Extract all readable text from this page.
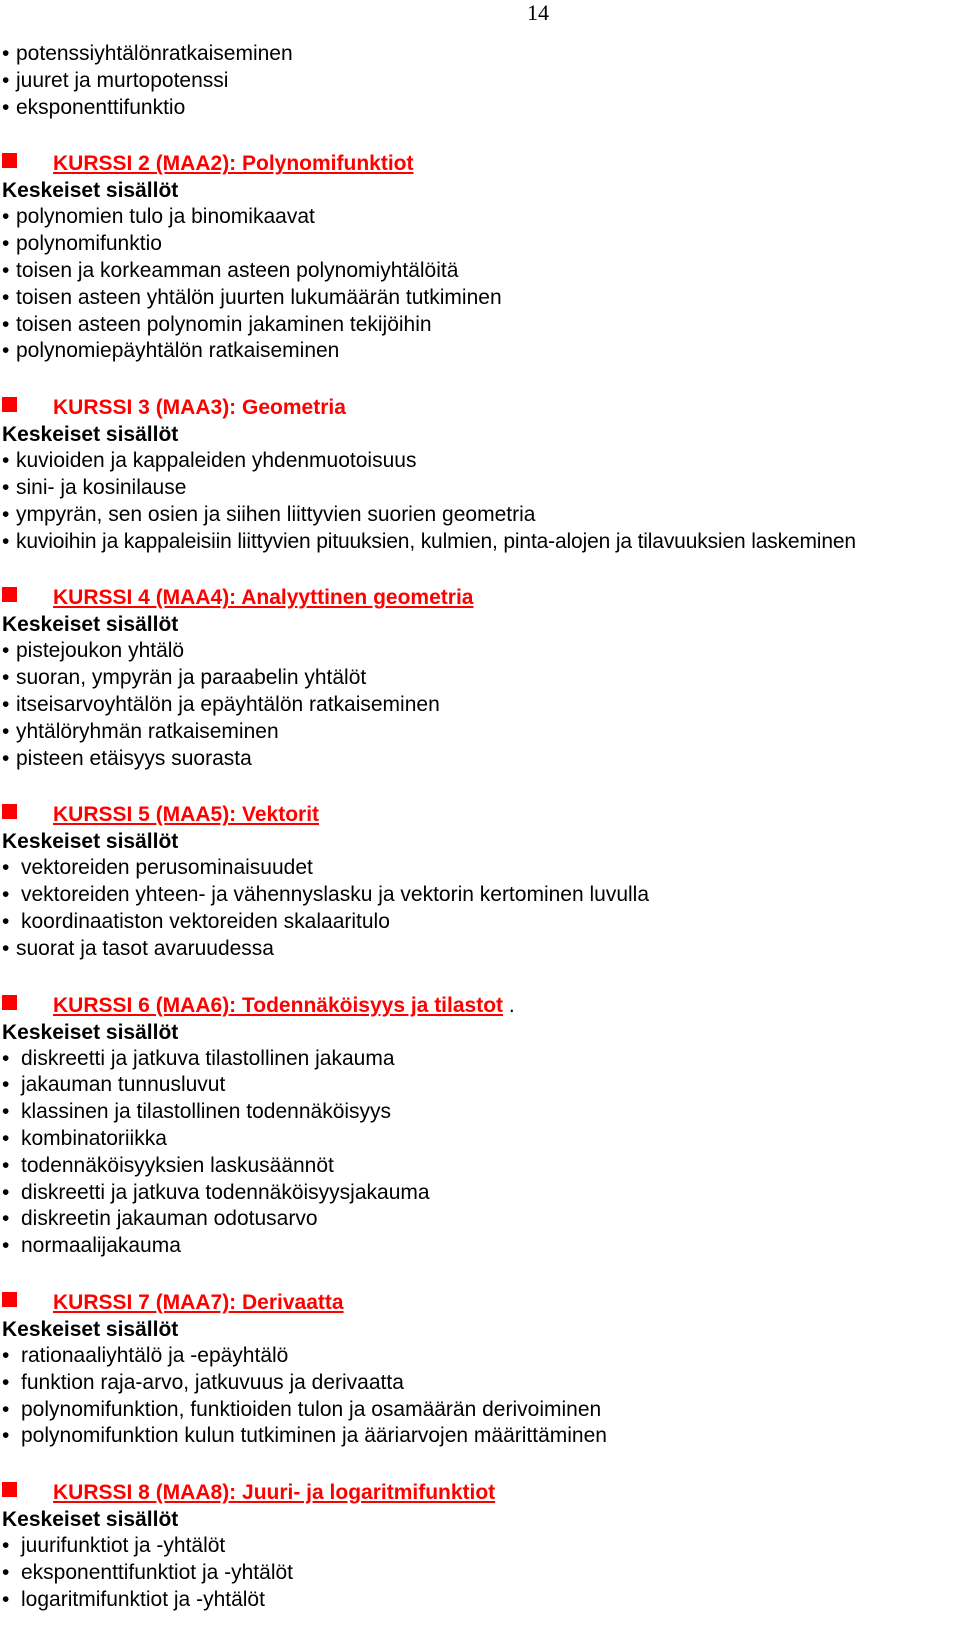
14
• potenssiyhtälönratkaiseminen
• juuret ja murtopotenssi
• eksponenttifunktio
KURSSI 2 (MAA2): Polynomifunktiot
Keskeiset sisällöt
• polynomien tulo ja binomikaavat
• polynomifunktio
• toisen ja korkeamman asteen polynomiyhtälöitä
• toisen asteen yhtälön juurten lukumäärän tutkiminen
• toisen asteen polynomin jakaminen tekijöihin
• polynomiepäyhtälön ratkaiseminen
KURSSI 3 (MAA3): Geometria
Keskeiset sisällöt
• kuvioiden ja kappaleiden yhdenmuotoisuus
• sini- ja kosinilause
• ympyrän, sen osien ja siihen liittyvien suorien geometria
• kuvioihin ja kappaleisiin liittyvien pituuksien, kulmien, pinta-alojen ja tilavuuksien laskeminen
KURSSI 4 (MAA4): Analyyttinen geometria
Keskeiset sisällöt
• pistejoukon yhtälö
• suoran, ympyrän ja paraabelin yhtälöt
• itseisarvoyhtälön ja epäyhtälön ratkaiseminen
• yhtälöryhmän ratkaiseminen
• pisteen etäisyys suorasta
KURSSI 5 (MAA5): Vektorit
Keskeiset sisällöt
• vektoreiden perusominaisuudet
• vektoreiden yhteen- ja vähennyslasku ja vektorin kertominen luvulla
• koordinaatiston vektoreiden skalaaritulo
• suorat ja tasot avaruudessa
KURSSI 6 (MAA6): Todennäköisyys ja tilastot .
Keskeiset sisällöt
• diskreetti ja jatkuva tilastollinen jakauma
• jakauman tunnusluvut
• klassinen ja tilastollinen todennäköisyys
• kombinatoriikka
• todennäköisyyksien laskusäännöt
• diskreetti ja jatkuva todennäköisyysjakauma
• diskreetin jakauman odotusarvo
• normaalijakauma
KURSSI 7 (MAA7): Derivaatta
Keskeiset sisällöt
• rationaaliyhtälö ja -epäyhtälö
• funktion raja-arvo, jatkuvuus ja derivaatta
• polynomifunktion, funktioiden tulon ja osamäärän derivoiminen
• polynomifunktion kulun tutkiminen ja ääriarvojen määrittäminen
KURSSI 8 (MAA8): Juuri- ja logaritmifunktiot
Keskeiset sisällöt
• juurifunktiot ja -yhtälöt
• eksponenttifunktiot ja -yhtälöt
• logaritmifunktiot ja -yhtälöt
